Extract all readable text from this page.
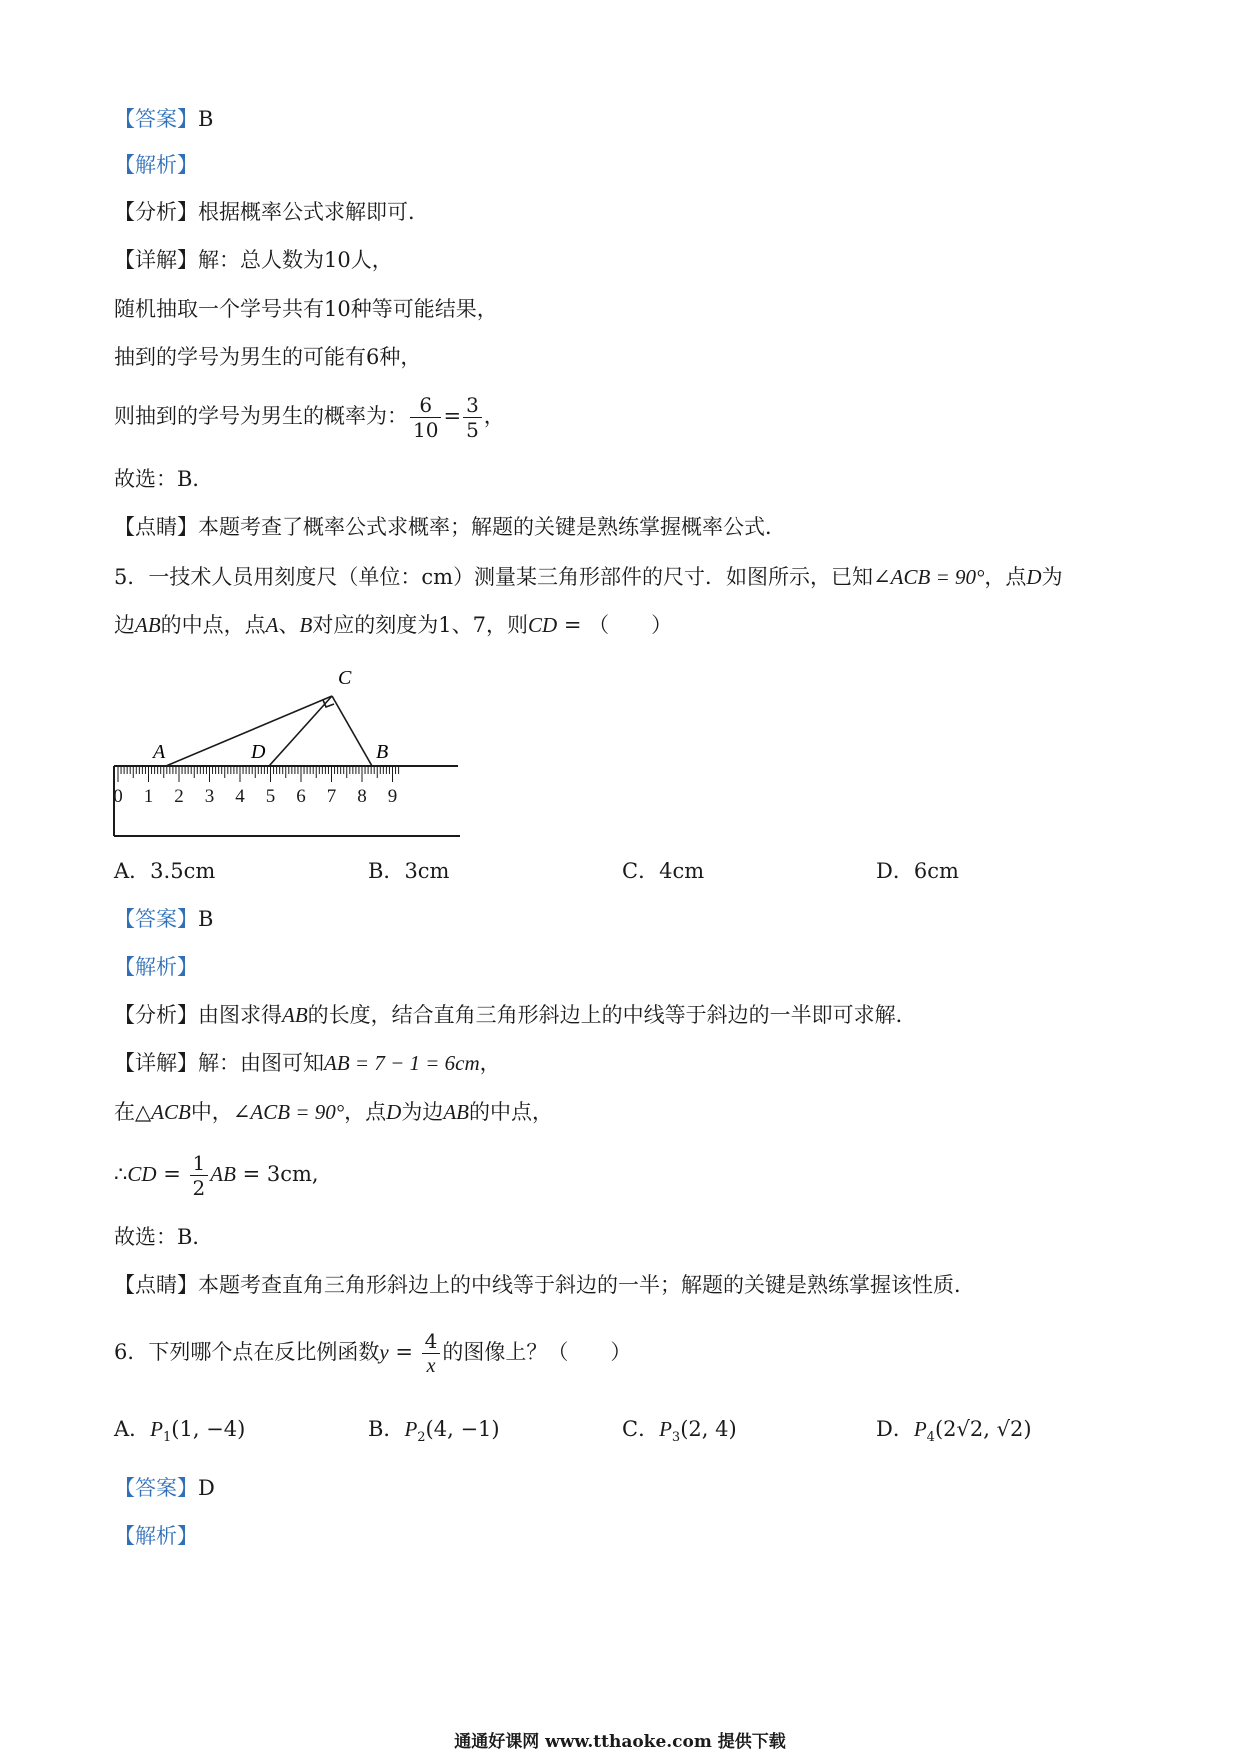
【答案】B
【解析】
【分析】根据概率公式求解即可．
【详解】解：总人数为10人，
随机抽取一个学号共有10种等可能结果，
抽到的学号为男生的可能有6种，
则抽到的学号为男生的概率为： $\frac{6}{10} = \frac{3}{5}$ ，
故选：B．
【点睛】本题考查了概率公式求概率；解题的关键是熟练掌握概率公式．
5．一技术人员用刻度尺（单位：cm）测量某三角形部件的尺寸．如图所示，已知∠ACB = 90°，点D为
边AB的中点，点A、B对应的刻度为1、7，则CD = （　　）
0 1 2 3 4 5 6 7 8 9
C
A	D	B
A．3.5cm	B．3cm	C．4cm	D．6cm
【答案】B
【解析】
【分析】由图求得AB的长度，结合直角三角形斜边上的中线等于斜边的一半即可求解．
【详解】解：由图可知AB = 7 − 1 = 6cm，
在△ACB中，∠ACB = 90°，点D为边AB的中点，
∴CD = $\frac{1}{2}$ AB = 3cm,
故选：B．
【点睛】本题考查直角三角形斜边上的中线等于斜边的一半；解题的关键是熟练掌握该性质．
6．下列哪个点在反比例函数$y = \frac{4}{x}$ 的图像上？（　　）
A．$P_1(1$, −4)	B．$P_2(4$, −1)	C．$P_3(2$, 4)	D．$P_4(2√2$, √2)
【答案】D
【解析】
通通好课网 www.tthaoke.com 提供下载
